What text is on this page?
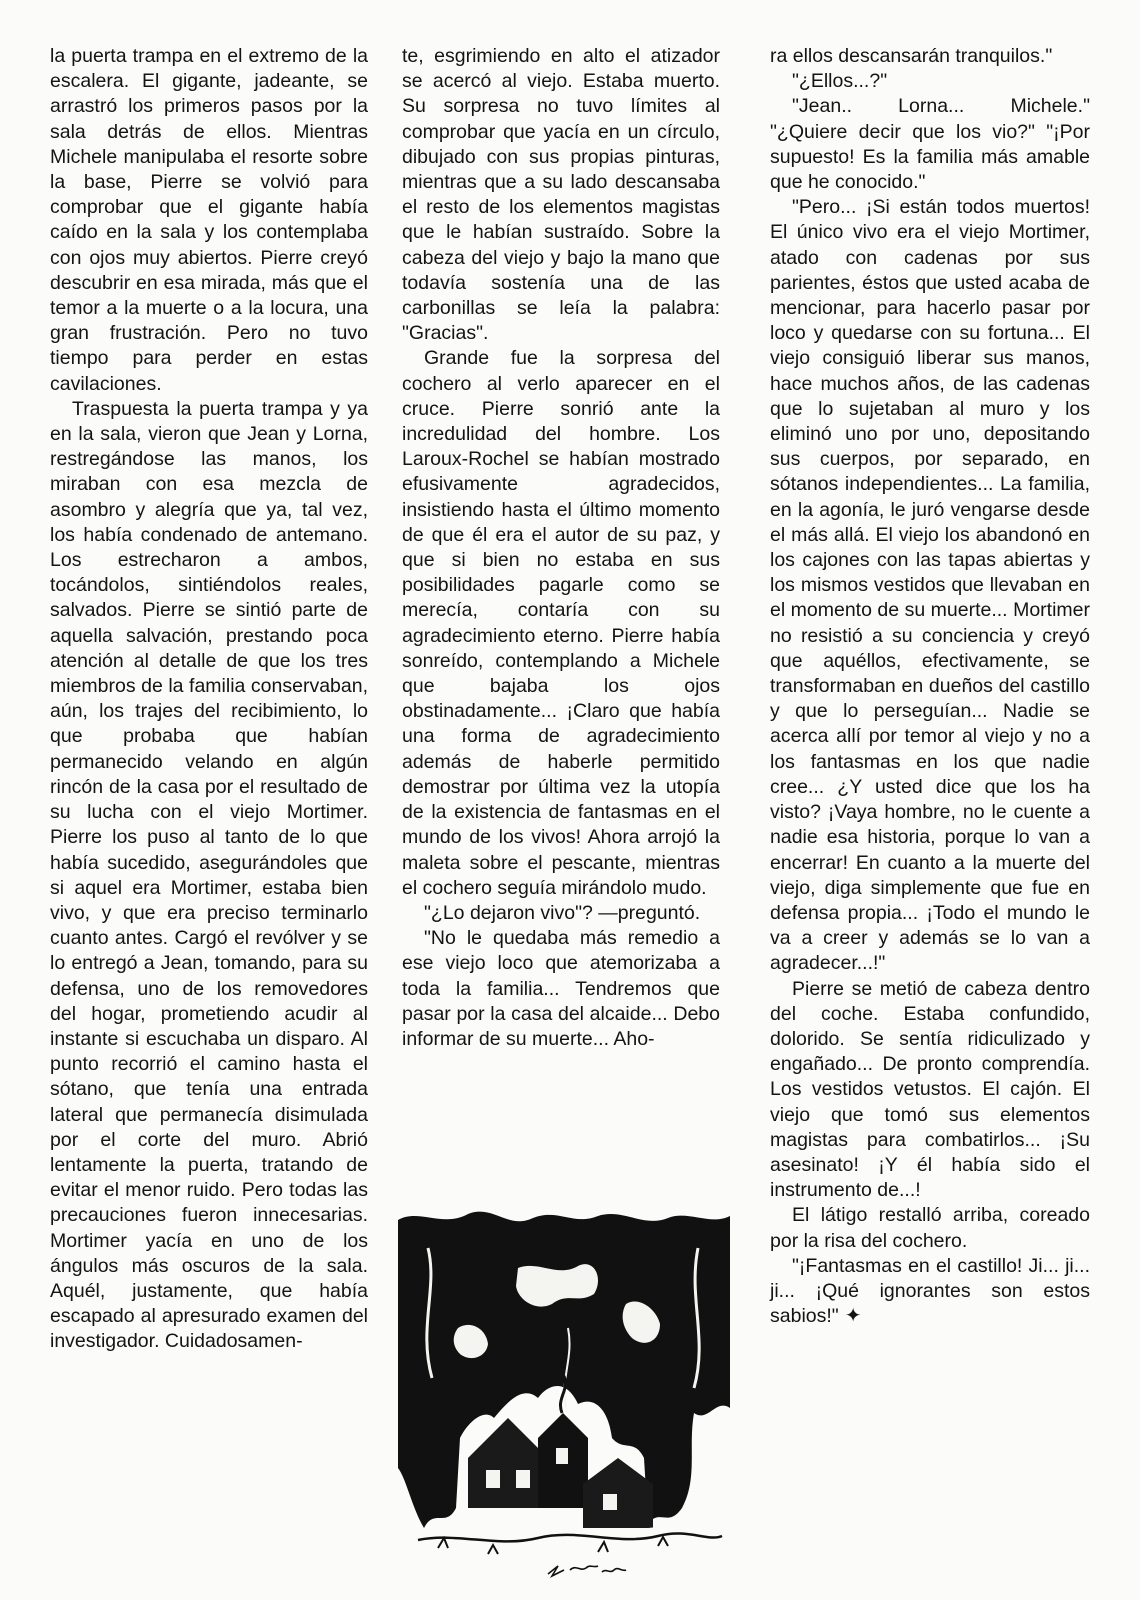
la puerta trampa en el extremo de la escalera. El gigante, jadeante, se arrastró los primeros pasos por la sala detrás de ellos. Mientras Michele manipulaba el resorte sobre la base, Pierre se volvió para comprobar que el gigante había caído en la sala y los contemplaba con ojos muy abiertos. Pierre creyó descubrir en esa mirada, más que el temor a la muerte o a la locura, una gran frustración. Pero no tuvo tiempo para perder en estas cavilaciones.

Traspuesta la puerta trampa y ya en la sala, vieron que Jean y Lorna, restregándose las manos, los miraban con esa mezcla de asombro y alegría que ya, tal vez, los había condenado de antemano. Los estrecharon a ambos, tocándolos, sintiéndolos reales, salvados. Pierre se sintió parte de aquella salvación, prestando poca atención al detalle de que los tres miembros de la familia conservaban, aún, los trajes del recibimiento, lo que probaba que habían permanecido velando en algún rincón de la casa por el resultado de su lucha con el viejo Mortimer. Pierre los puso al tanto de lo que había sucedido, asegurándoles que si aquel era Mortimer, estaba bien vivo, y que era preciso terminarlo cuanto antes. Cargó el revólver y se lo entregó a Jean, tomando, para su defensa, uno de los removedores del hogar, prometiendo acudir al instante si escuchaba un disparo. Al punto recorrió el camino hasta el sótano, que tenía una entrada lateral que permanecía disimulada por el corte del muro. Abrió lentamente la puerta, tratando de evitar el menor ruido. Pero todas las precauciones fueron innecesarias. Mortimer yacía en uno de los ángulos más oscuros de la sala. Aquél, justamente, que había escapado al apresurado examen del investigador. Cuidadosamen-

te, esgrimiendo en alto el atizador se acercó al viejo. Estaba muerto. Su sorpresa no tuvo límites al comprobar que yacía en un círculo, dibujado con sus propias pinturas, mientras que a su lado descansaba el resto de los elementos magistas que le habían sustraído. Sobre la cabeza del viejo y bajo la mano que todavía sostenía una de las carbonillas se leía la palabra: "Gracias".

Grande fue la sorpresa del cochero al verlo aparecer en el cruce. Pierre sonrió ante la incredulidad del hombre. Los Laroux-Rochel se habían mostrado efusivamente agradecidos, insistiendo hasta el último momento de que él era el autor de su paz, y que si bien no estaba en sus posibilidades pagarle como se merecía, contaría con su agradecimiento eterno. Pierre había sonreído, contemplando a Michele que bajaba los ojos obstinadamente... ¡Claro que había una forma de agradecimiento además de haberle permitido demostrar por última vez la utopía de la existencia de fantasmas en el mundo de los vivos! Ahora arrojó la maleta sobre el pescante, mientras el cochero seguía mirándolo mudo.

"¿Lo dejaron vivo"? —preguntó.

"No le quedaba más remedio a ese viejo loco que atemorizaba a toda la familia... Tendremos que pasar por la casa del alcaide... Debo informar de su muerte... Aho-

ra ellos descansarán tranquilos."

"¿Ellos...?"

"Jean.. Lorna... Michele." "¿Quiere decir que los vio?" "¡Por supuesto! Es la familia más amable que he conocido."

"Pero... ¡Si están todos muertos! El único vivo era el viejo Mortimer, atado con cadenas por sus parientes, éstos que usted acaba de mencionar, para hacerlo pasar por loco y quedarse con su fortuna... El viejo consiguió liberar sus manos, hace muchos años, de las cadenas que lo sujetaban al muro y los eliminó uno por uno, depositando sus cuerpos, por separado, en sótanos independientes... La familia, en la agonía, le juró vengarse desde el más allá. El viejo los abandonó en los cajones con las tapas abiertas y los mismos vestidos que llevaban en el momento de su muerte... Mortimer no resistió a su conciencia y creyó que aquéllos, efectivamente, se transformaban en dueños del castillo y que lo perseguían... Nadie se acerca allí por temor al viejo y no a los fantasmas en los que nadie cree... ¿Y usted dice que los ha visto? ¡Vaya hombre, no le cuente a nadie esa historia, porque lo van a encerrar! En cuanto a la muerte del viejo, diga simplemente que fue en defensa propia... ¡Todo el mundo le va a creer y además se lo van a agradecer...!"

Pierre se metió de cabeza dentro del coche. Estaba confundido, dolorido. Se sentía ridiculizado y engañado... De pronto comprendía. Los vestidos vetustos. El cajón. El viejo que tomó sus elementos magistas para combatirlos... ¡Su asesinato! ¡Y él había sido el instrumento de...!

El látigo restalló arriba, coreado por la risa del cochero.

"¡Fantasmas en el castillo! Ji... ji... ji... ¡Qué ignorantes son estos sabios!" ✦
